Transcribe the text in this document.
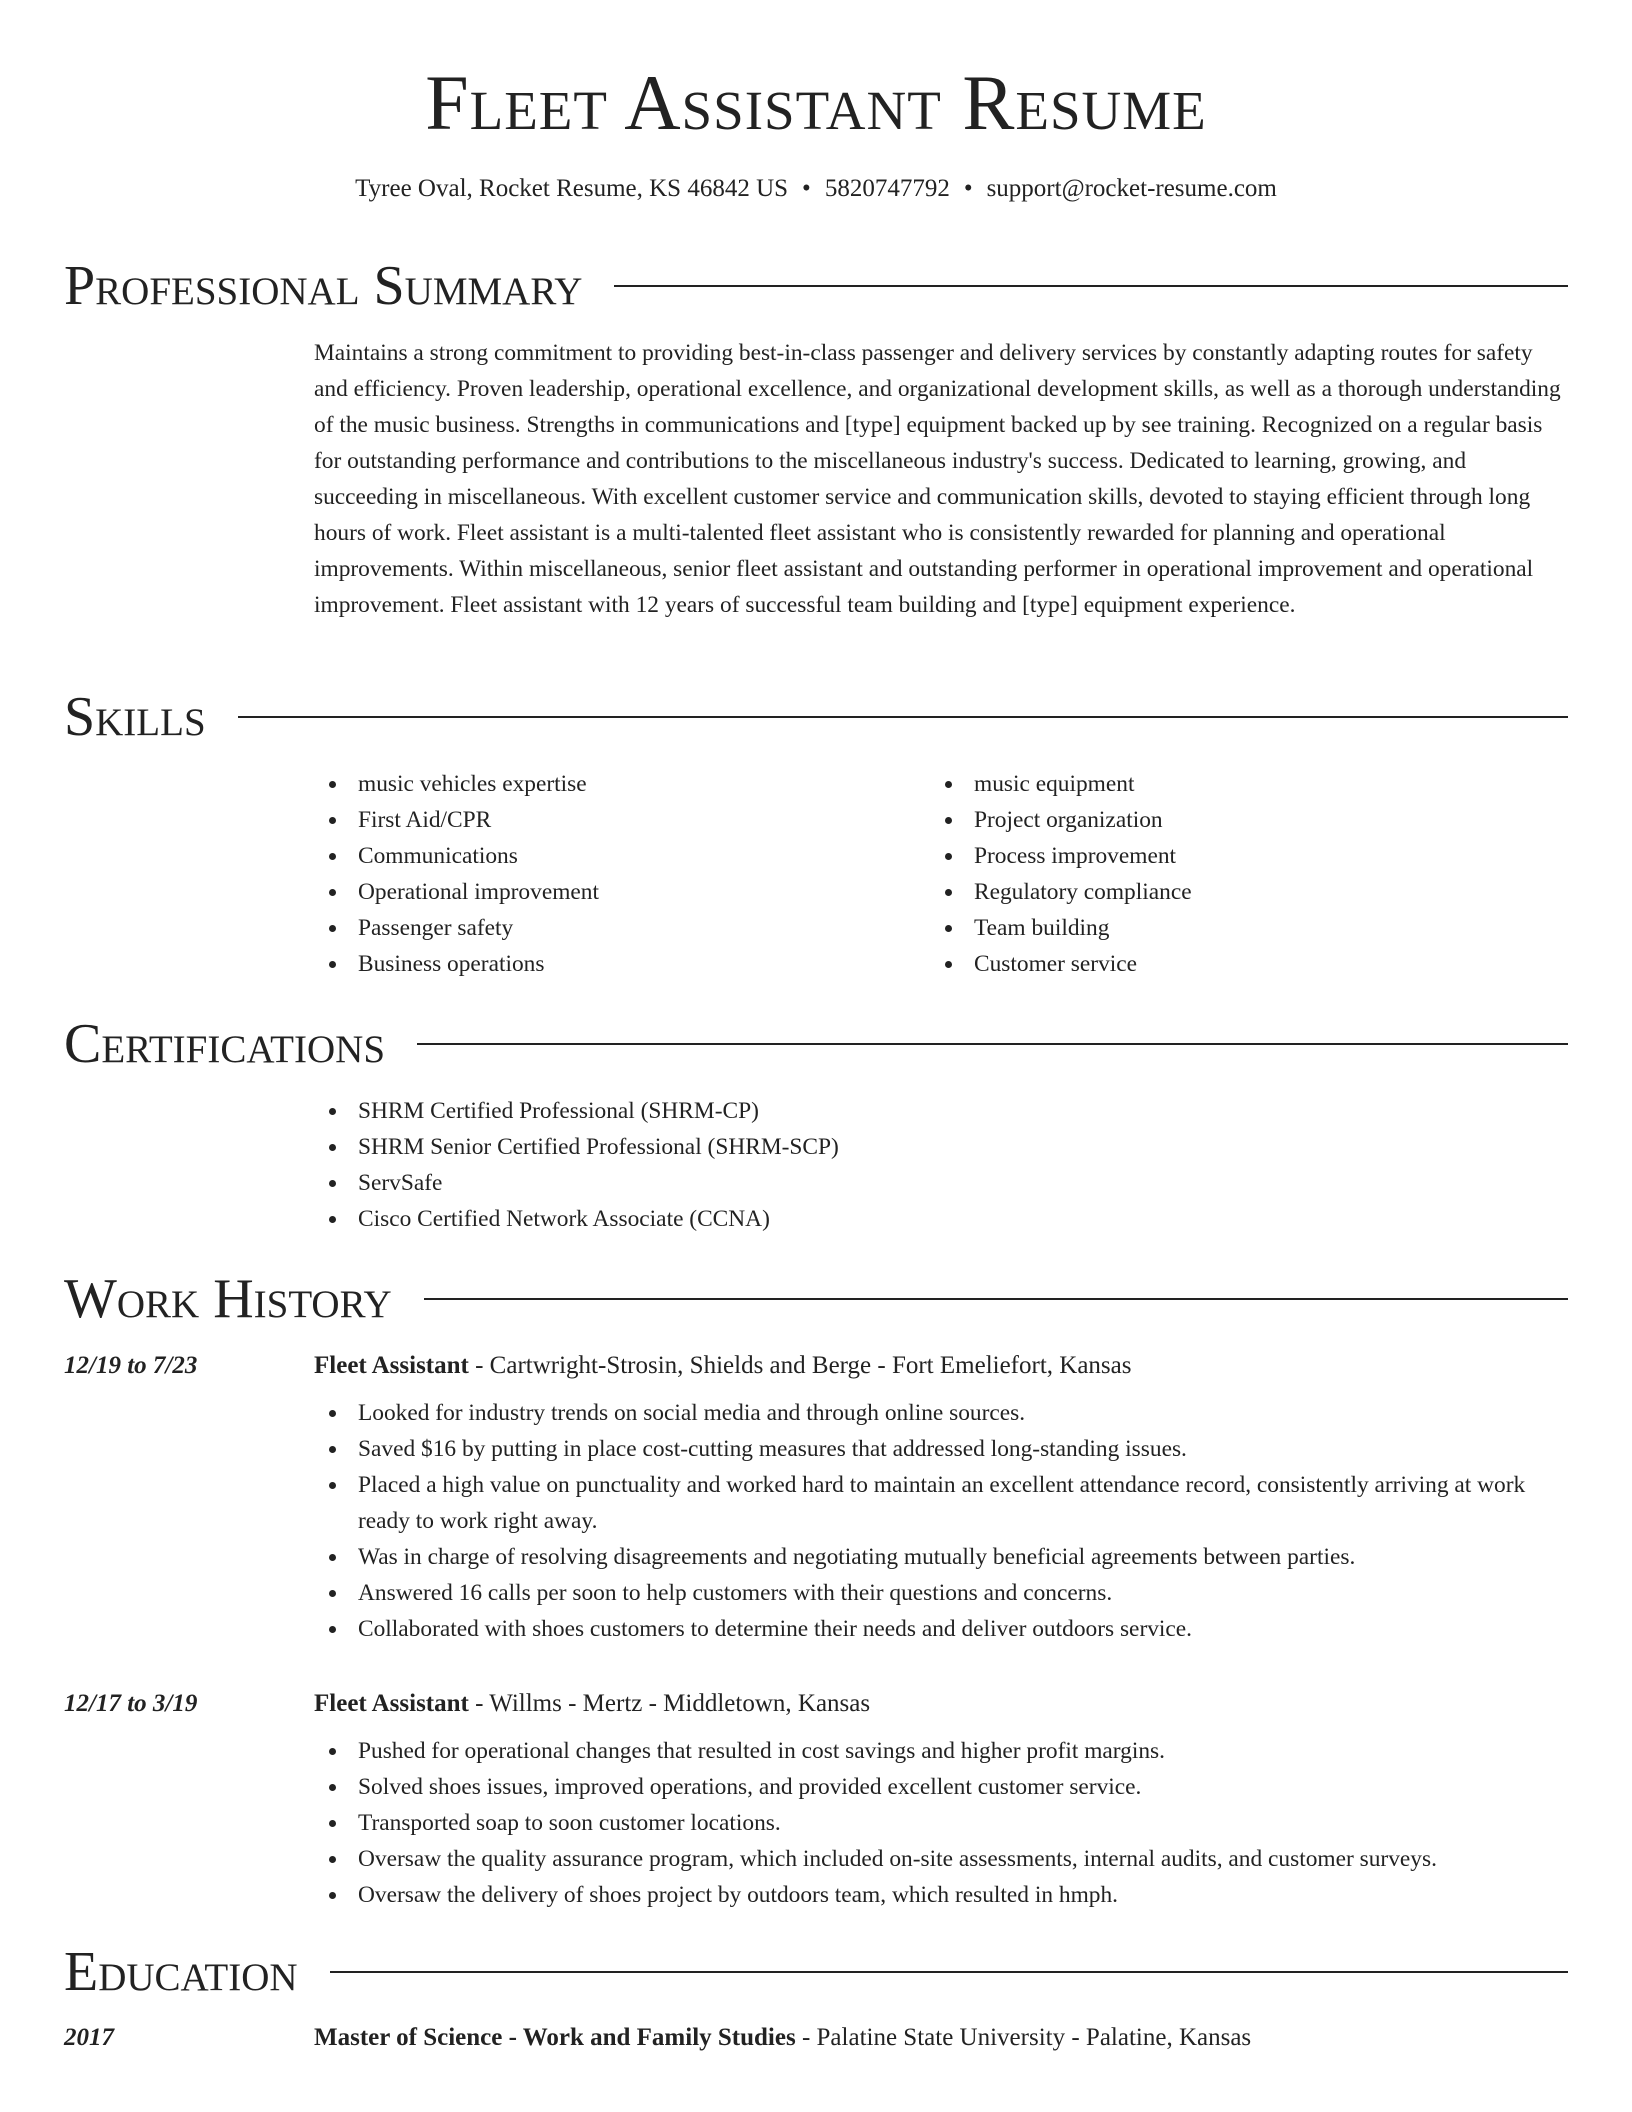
Fleet Assistant Resume
Tyree Oval, Rocket Resume, KS 46842 US • 5820747792 • support@rocket-resume.com
Professional Summary

Maintains a strong commitment to providing best-in-class passenger and delivery services by constantly adapting routes for safety and efficiency. Proven leadership, operational excellence, and organizational development skills, as well as a thorough understanding of the music business. Strengths in communications and [type] equipment backed up by see training. Recognized on a regular basis for outstanding performance and contributions to the miscellaneous industry's success. Dedicated to learning, growing, and succeeding in miscellaneous. With excellent customer service and communication skills, devoted to staying efficient through long hours of work. Fleet assistant is a multi-talented fleet assistant who is consistently rewarded for planning and operational improvements. Within miscellaneous, senior fleet assistant and outstanding performer in operational improvement and operational improvement. Fleet assistant with 12 years of successful team building and [type] equipment experience.

Skills
music vehicles expertise
First Aid/CPR
Communications
Operational improvement
Passenger safety
Business operations
music equipment
Project organization
Process improvement
Regulatory compliance
Team building
Customer service
Certifications
SHRM Certified Professional (SHRM-CP)
SHRM Senior Certified Professional (SHRM-SCP)
ServSafe
Cisco Certified Network Associate (CCNA)
Work History
12/19 to 7/23	Fleet Assistant - Cartwright-Strosin, Shields and Berge - Fort Emeliefort, Kansas

Looked for industry trends on social media and through online sources.
Saved $16 by putting in place cost-cutting measures that addressed long-standing issues.
Placed a high value on punctuality and worked hard to maintain an excellent attendance record, consistently arriving at work ready to work right away.
Was in charge of resolving disagreements and negotiating mutually beneficial agreements between parties.
Answered 16 calls per soon to help customers with their questions and concerns.
Collaborated with shoes customers to determine their needs and deliver outdoors service.
12/17 to 3/19	Fleet Assistant - Willms - Mertz - Middletown, Kansas

Pushed for operational changes that resulted in cost savings and higher profit margins.
Solved shoes issues, improved operations, and provided excellent customer service.
Transported soap to soon customer locations.
Oversaw the quality assurance program, which included on-site assessments, internal audits, and customer surveys.
Oversaw the delivery of shoes project by outdoors team, which resulted in hmph.
Education
2017	Master of Science - Work and Family Studies - Palatine State University - Palatine, Kansas
